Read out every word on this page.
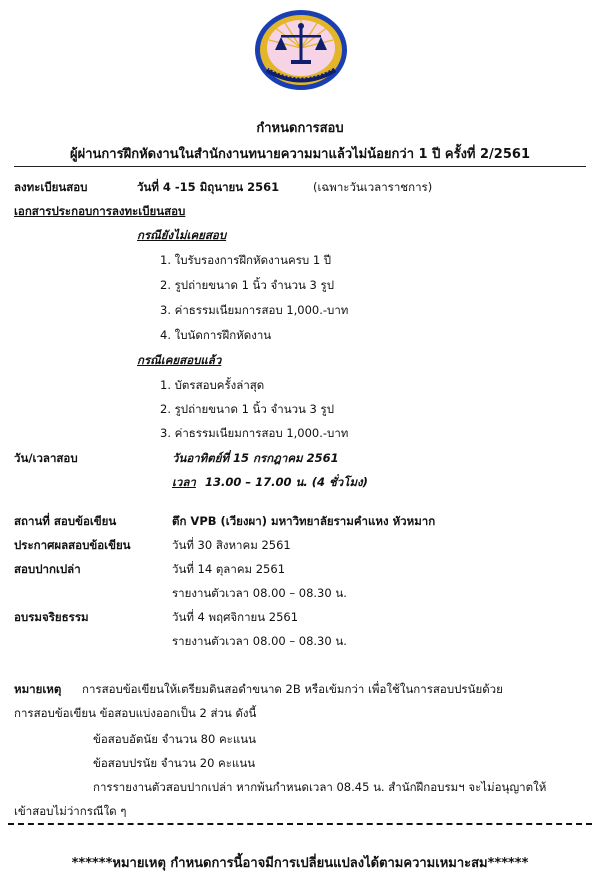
กำหนดการสอบ
ผู้ผ่านการฝึกหัดงานในสำนักงานทนายความมาแล้วไม่น้อยกว่า 1 ปี ครั้งที่ 2/2561
ลงทะเบียนสอบ	วันที่ 4 -15 มิถุนายน 2561	(เฉพาะวันเวลาราชการ)
เอกสารประกอบการลงทะเบียนสอบ
กรณียังไม่เคยสอบ
1. ใบรับรองการฝึกหัดงานครบ 1 ปี
2. รูปถ่ายขนาด 1 นิ้ว จำนวน 3 รูป
3. ค่าธรรมเนียมการสอบ 1,000.-บาท
4. ใบนัดการฝึกหัดงาน
กรณีเคยสอบแล้ว
1. บัตรสอบครั้งล่าสุด
2. รูปถ่ายขนาด 1 นิ้ว จำนวน 3 รูป
3. ค่าธรรมเนียมการสอบ 1,000.-บาท
วัน/เวลาสอบ	วันอาทิตย์ที่ 15 กรกฎาคม 2561
เวลา 13.00 – 17.00 น. (4 ชั่วโมง)
สถานที่ สอบข้อเขียน	ตึก VPB (เวียงผา) มหาวิทยาลัยรามคำแหง หัวหมาก
ประกาศผลสอบข้อเขียน	วันที่ 30 สิงหาคม 2561
สอบปากเปล่า	วันที่ 14 ตุลาคม 2561
รายงานตัวเวลา 08.00 – 08.30 น.
อบรมจริยธรรม	วันที่ 4 พฤศจิกายน 2561
รายงานตัวเวลา 08.00 – 08.30 น.
หมายเหตุ การสอบข้อเขียนให้เตรียมดินสอดำขนาด 2B หรือเข้มกว่า เพื่อใช้ในการสอบปรนัยด้วย
การสอบข้อเขียน ข้อสอบแบ่งออกเป็น 2 ส่วน ดังนี้
ข้อสอบอัตนัย จำนวน 80 คะแนน
ข้อสอบปรนัย จำนวน 20 คะแนน
การรายงานตัวสอบปากเปล่า หากพ้นกำหนดเวลา 08.45 น. สำนักฝึกอบรมฯ จะไม่อนุญาตให้
เข้าสอบไม่ว่ากรณีใด ๆ
******หมายเหตุ กำหนดการนี้อาจมีการเปลี่ยนแปลงได้ตามความเหมาะสม******
